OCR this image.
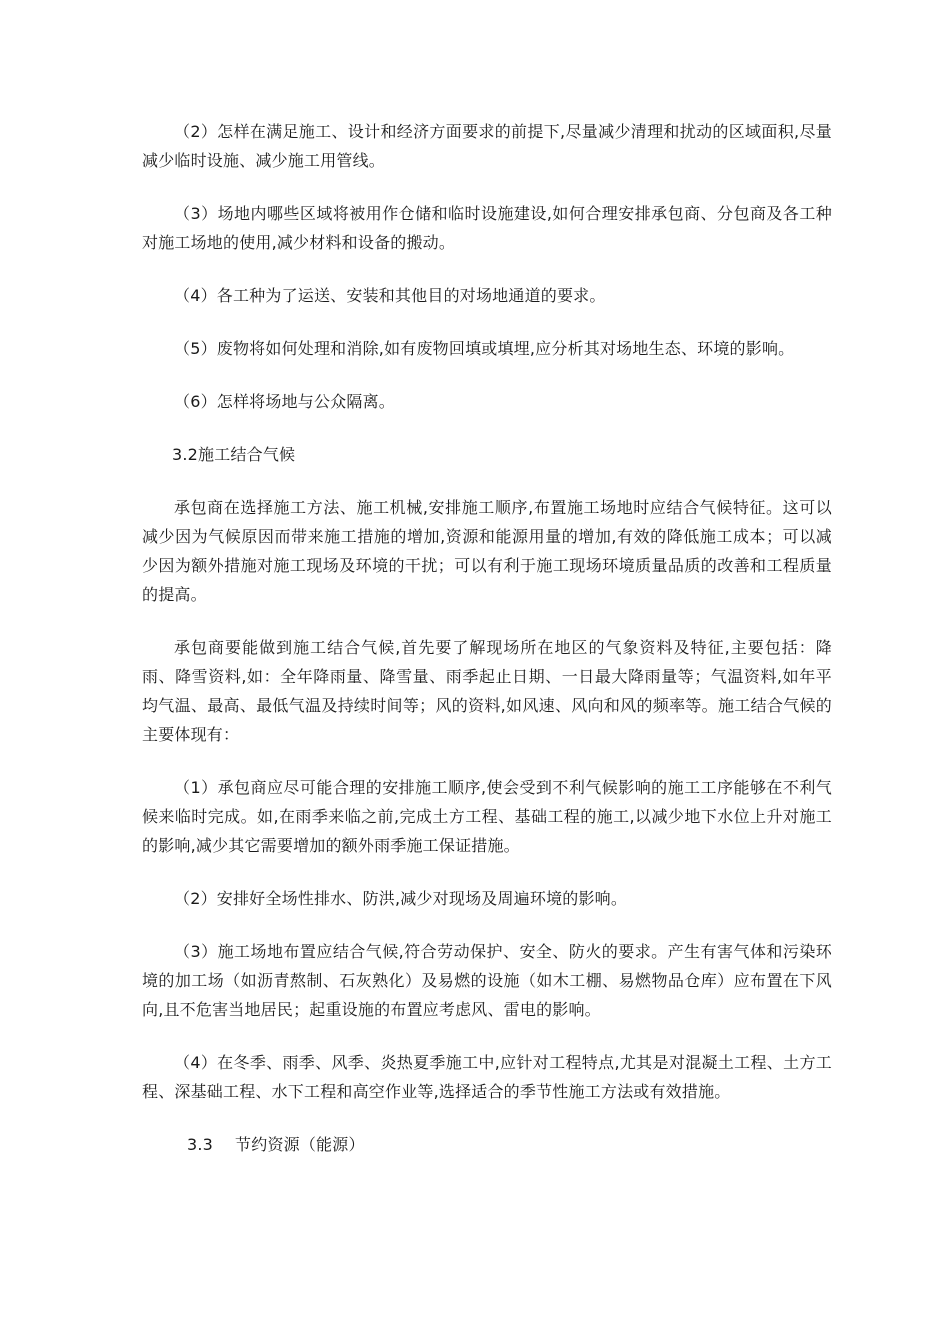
（2）怎样在满足施工、设计和经济方面要求的前提下,尽量减少清理和扰动的区域面积,尽量减少临时设施、减少施工用管线。

（3）场地内哪些区域将被用作仓储和临时设施建设,如何合理安排承包商、分包商及各工种对施工场地的使用,减少材料和设备的搬动。

（4）各工种为了运送、安装和其他目的对场地通道的要求。

（5）废物将如何处理和消除,如有废物回填或填埋,应分析其对场地生态、环境的影响。

（6）怎样将场地与公众隔离。

3.2施工结合气候

承包商在选择施工方法、施工机械,安排施工顺序,布置施工场地时应结合气候特征。这可以减少因为气候原因而带来施工措施的增加,资源和能源用量的增加,有效的降低施工成本；可以减少因为额外措施对施工现场及环境的干扰；可以有利于施工现场环境质量品质的改善和工程质量的提高。

承包商要能做到施工结合气候,首先要了解现场所在地区的气象资料及特征,主要包括：降雨、降雪资料,如：全年降雨量、降雪量、雨季起止日期、一日最大降雨量等；气温资料,如年平均气温、最高、最低气温及持续时间等；风的资料,如风速、风向和风的频率等。施工结合气候的主要体现有：

（1）承包商应尽可能合理的安排施工顺序,使会受到不利气候影响的施工工序能够在不利气候来临时完成。如,在雨季来临之前,完成土方工程、基础工程的施工,以减少地下水位上升对施工的影响,减少其它需要增加的额外雨季施工保证措施。

（2）安排好全场性排水、防洪,减少对现场及周遍环境的影响。

（3）施工场地布置应结合气候,符合劳动保护、安全、防火的要求。产生有害气体和污染环境的加工场（如沥青熬制、石灰熟化）及易燃的设施（如木工棚、易燃物品仓库）应布置在下风向,且不危害当地居民；起重设施的布置应考虑风、雷电的影响。

（4）在冬季、雨季、风季、炎热夏季施工中,应针对工程特点,尤其是对混凝土工程、土方工程、深基础工程、水下工程和高空作业等,选择适合的季节性施工方法或有效措施。

3.3 节约资源（能源）
